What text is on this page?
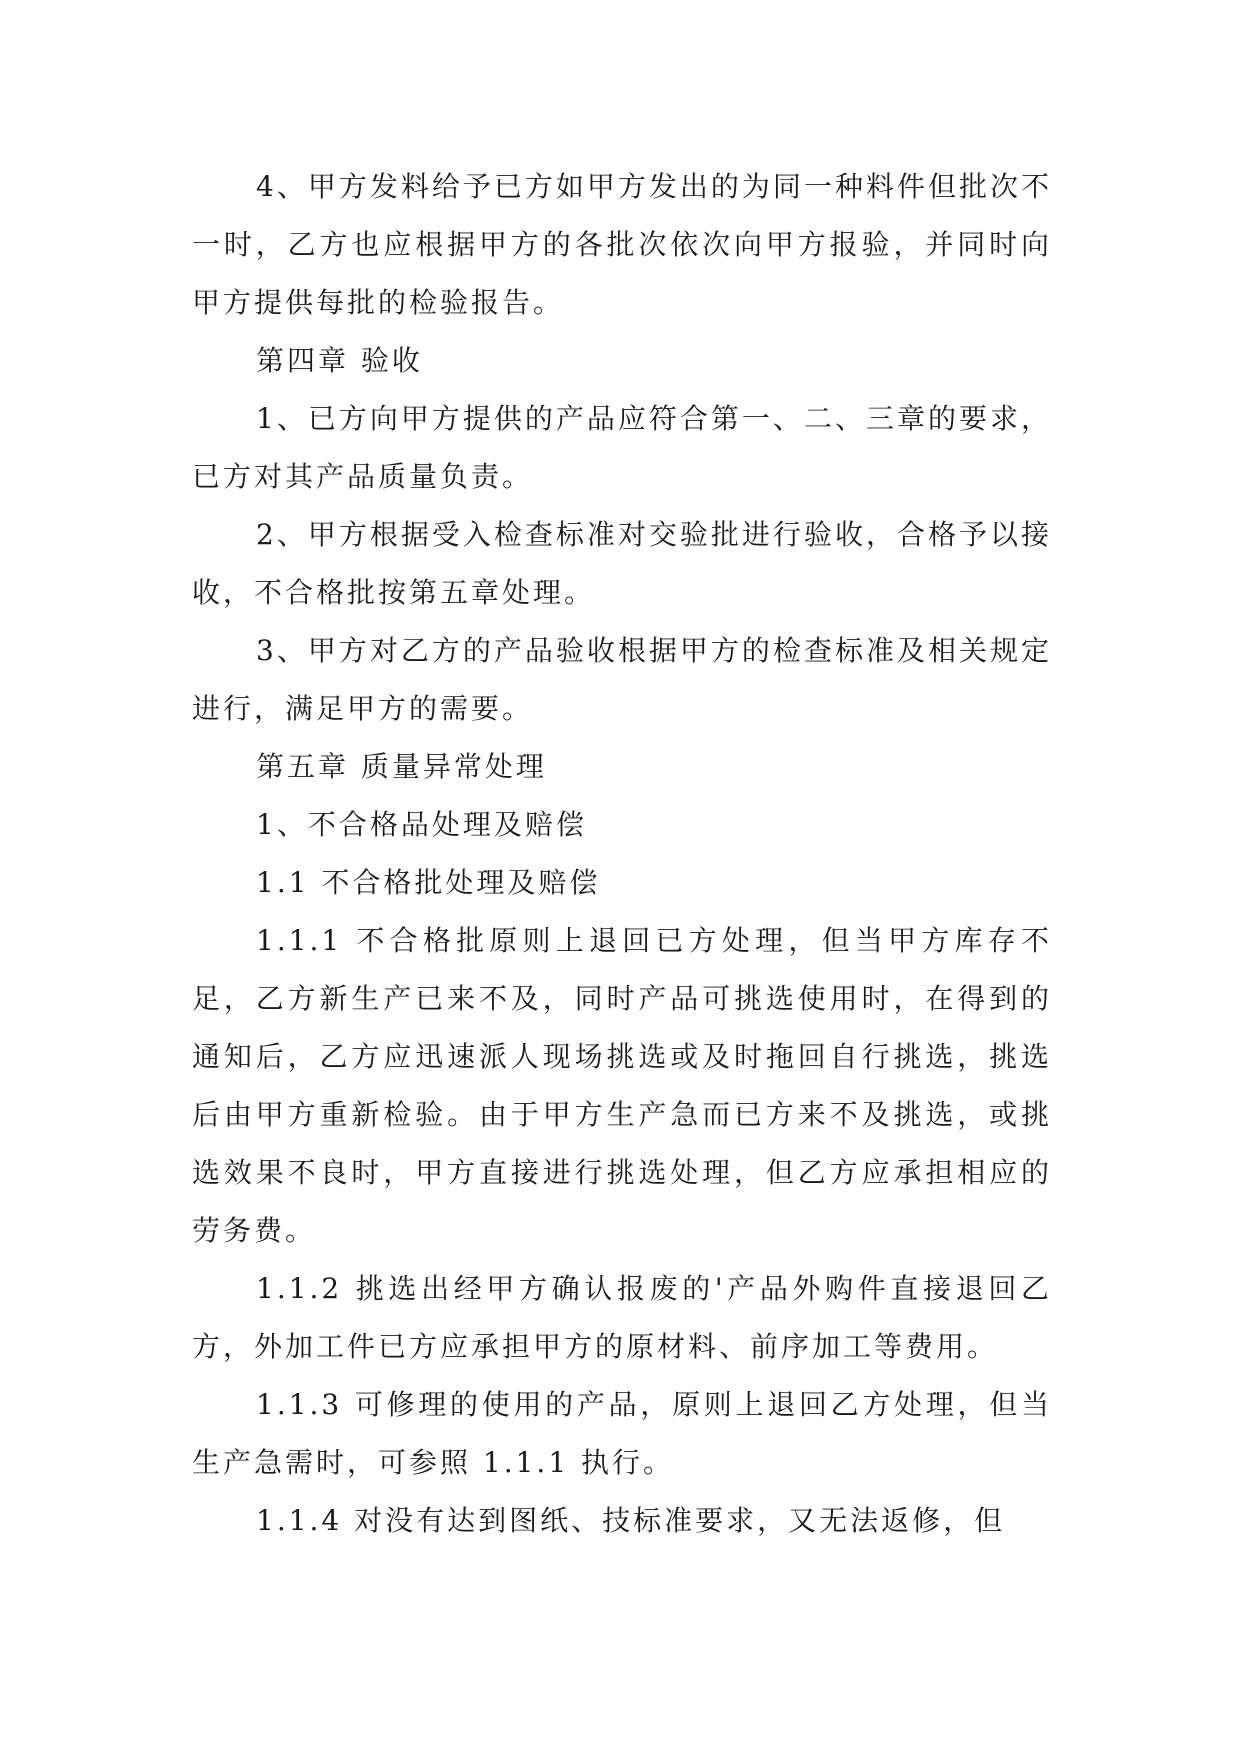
4、甲方发料给予已方如甲方发出的为同一种料件但批次不一时，乙方也应根据甲方的各批次依次向甲方报验，并同时向甲方提供每批的检验报告。

第四章 验收

1、已方向甲方提供的产品应符合第一、二、三章的要求，已方对其产品质量负责。

2、甲方根据受入检查标准对交验批进行验收，合格予以接收，不合格批按第五章处理。

3、甲方对乙方的产品验收根据甲方的检查标准及相关规定进行，满足甲方的需要。

第五章 质量异常处理

1、不合格品处理及赔偿

1.1 不合格批处理及赔偿

1.1.1 不合格批原则上退回已方处理，但当甲方库存不足，乙方新生产已来不及，同时产品可挑选使用时，在得到的通知后，乙方应迅速派人现场挑选或及时拖回自行挑选，挑选后由甲方重新检验。由于甲方生产急而已方来不及挑选，或挑选效果不良时，甲方直接进行挑选处理，但乙方应承担相应的劳务费。

1.1.2 挑选出经甲方确认报废的'产品外购件直接退回乙方，外加工件已方应承担甲方的原材料、前序加工等费用。

1.1.3 可修理的使用的产品，原则上退回乙方处理，但当生产急需时，可参照 1.1.1 执行。

1.1.4 对没有达到图纸、技标准要求，又无法返修，但
